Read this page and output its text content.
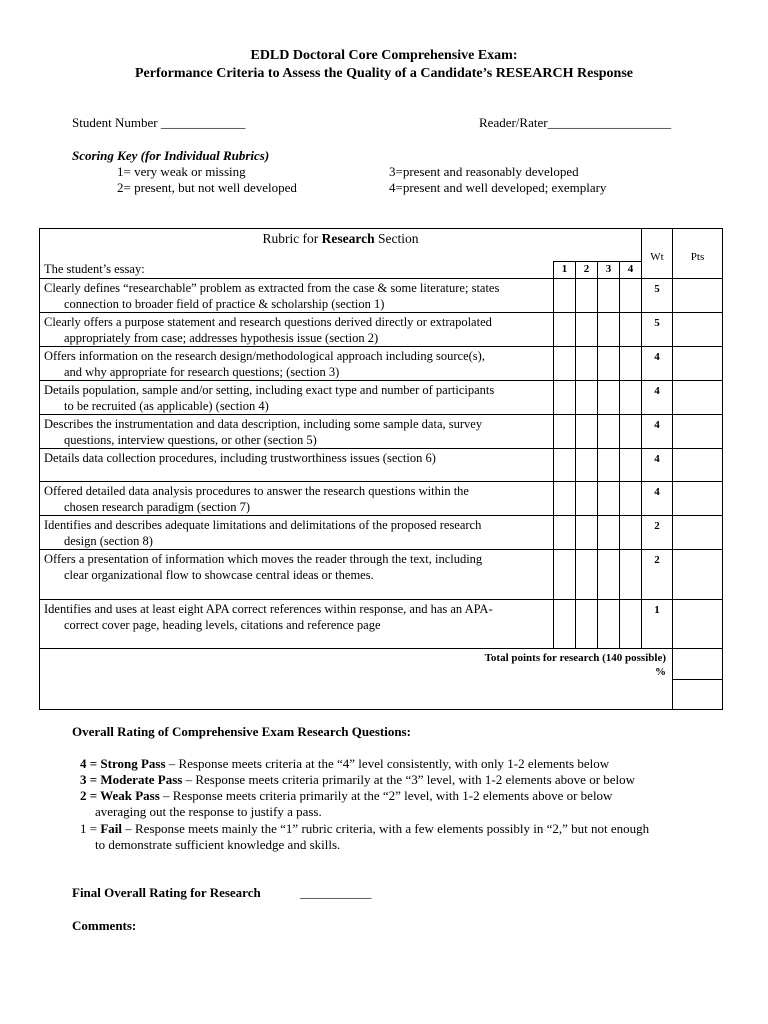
EDLD Doctoral Core Comprehensive Exam:
Performance Criteria to Assess the Quality of a Candidate’s RESEARCH Response
Student Number _____________	Reader/Rater___________________
Scoring Key (for Individual Rubrics)
1= very weak or missing
2= present, but not well developed
3=present and reasonably developed
4=present and well developed; exemplary
Rubric for Research Section					Wt	Pts
The student’s essay:	1	2	3	4		
Clearly defines “researchable” problem as extracted from the case & some literature; states
connection to broader field of practice & scholarship (section 1)					5	
Clearly offers a purpose statement and research questions derived directly or extrapolated
appropriately from case; addresses hypothesis issue (section 2)					5	
Offers information on the research design/methodological approach including source(s),
and why appropriate for research questions; (section 3)					4	
Details population, sample and/or setting, including exact type and number of participants
to be recruited (as applicable) (section 4)					4	
Describes the instrumentation and data description, including some sample data, survey
questions, interview questions, or other (section 5)					4	
Details data collection procedures, including trustworthiness issues (section 6)					4	
Offered detailed data analysis procedures to answer the research questions within the
chosen research paradigm (section 7)					4	
Identifies and describes adequate limitations and delimitations of the proposed research
design (section 8)					2	
Offers a presentation of information which moves the reader through the text, including
clear organizational flow to showcase central ideas or themes.					2	
Identifies and uses at least eight APA correct references within response, and has an APA-
correct cover page, heading levels, citations and reference page					1	
Total points for research (140 possible)
%						

Overall Rating of Comprehensive Exam Research Questions:
4 = Strong Pass – Response meets criteria at the “4” level consistently, with only 1-2 elements below
3 = Moderate Pass – Response meets criteria primarily at the “3” level, with 1-2 elements above or below
2 = Weak Pass – Response meets criteria primarily at the “2” level, with 1-2 elements above or below
averaging out the response to justify a pass.
1 = Fail – Response meets mainly the “1” rubric criteria, with a few elements possibly in “2,” but not enough
to demonstrate sufficient knowledge and skills.
Final Overall Rating for Research	___________
Comments:
